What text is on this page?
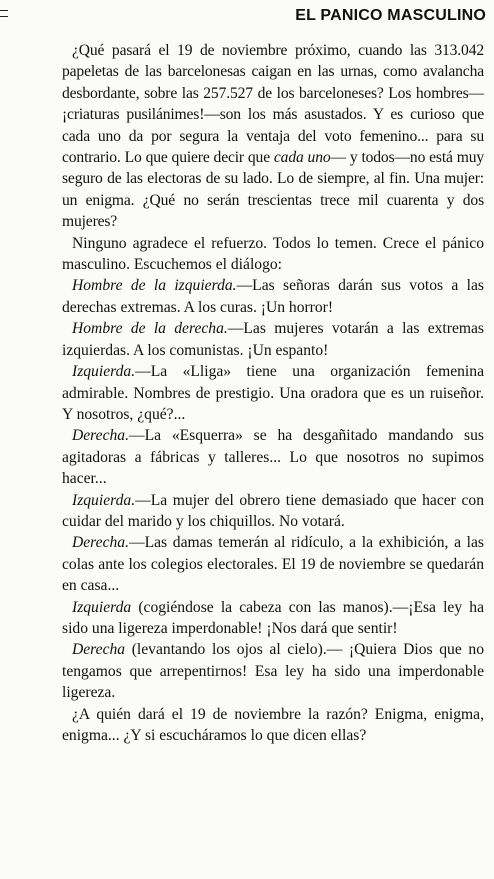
EL PANICO MASCULINO

¿Qué pasará el 19 de noviembre próximo, cuando las 313.042 papeletas de las barcelonesas caigan en las urnas, como avalancha desbordante, sobre las 257.527 de los barceloneses? Los hombres—¡criaturas pusilánimes!—son los más asustados. Y es curioso que cada uno da por segura la ventaja del voto femenino... para su contrario. Lo que quiere decir que cada uno— y todos—no está muy seguro de las electoras de su lado. Lo de siempre, al fin. Una mujer: un enigma. ¿Qué no serán trescientas trece mil cuarenta y dos mujeres?

Ninguno agradece el refuerzo. Todos lo temen. Crece el pánico masculino. Escuchemos el diálogo:

Hombre de la izquierda.—Las señoras darán sus votos a las derechas extremas. A los curas. ¡Un horror!

Hombre de la derecha.—Las mujeres votarán a las extremas izquierdas. A los comunistas. ¡Un espanto!

Izquierda.—La «Lliga» tiene una organización femenina admirable. Nombres de prestigio. Una oradora que es un ruiseñor. Y nosotros, ¿qué?...

Derecha.—La «Esquerra» se ha desgañitado mandando sus agitadoras a fábricas y talleres... Lo que nosotros no supimos hacer...

Izquierda.—La mujer del obrero tiene demasiado que hacer con cuidar del marido y los chiquillos. No votará.

Derecha.—Las damas temerán al ridículo, a la exhibición, a las colas ante los colegios electorales. El 19 de noviembre se quedarán en casa...

Izquierda (cogiéndose la cabeza con las manos).—¡Esa ley ha sido una ligereza imperdonable! ¡Nos dará que sentir!

Derecha (levantando los ojos al cielo).— ¡Quiera Dios que no tengamos que arrepentirnos! Esa ley ha sido una imperdonable ligereza.

¿A quién dará el 19 de noviembre la razón? Enigma, enigma, enigma... ¿Y si escucháramos lo que dicen ellas?
